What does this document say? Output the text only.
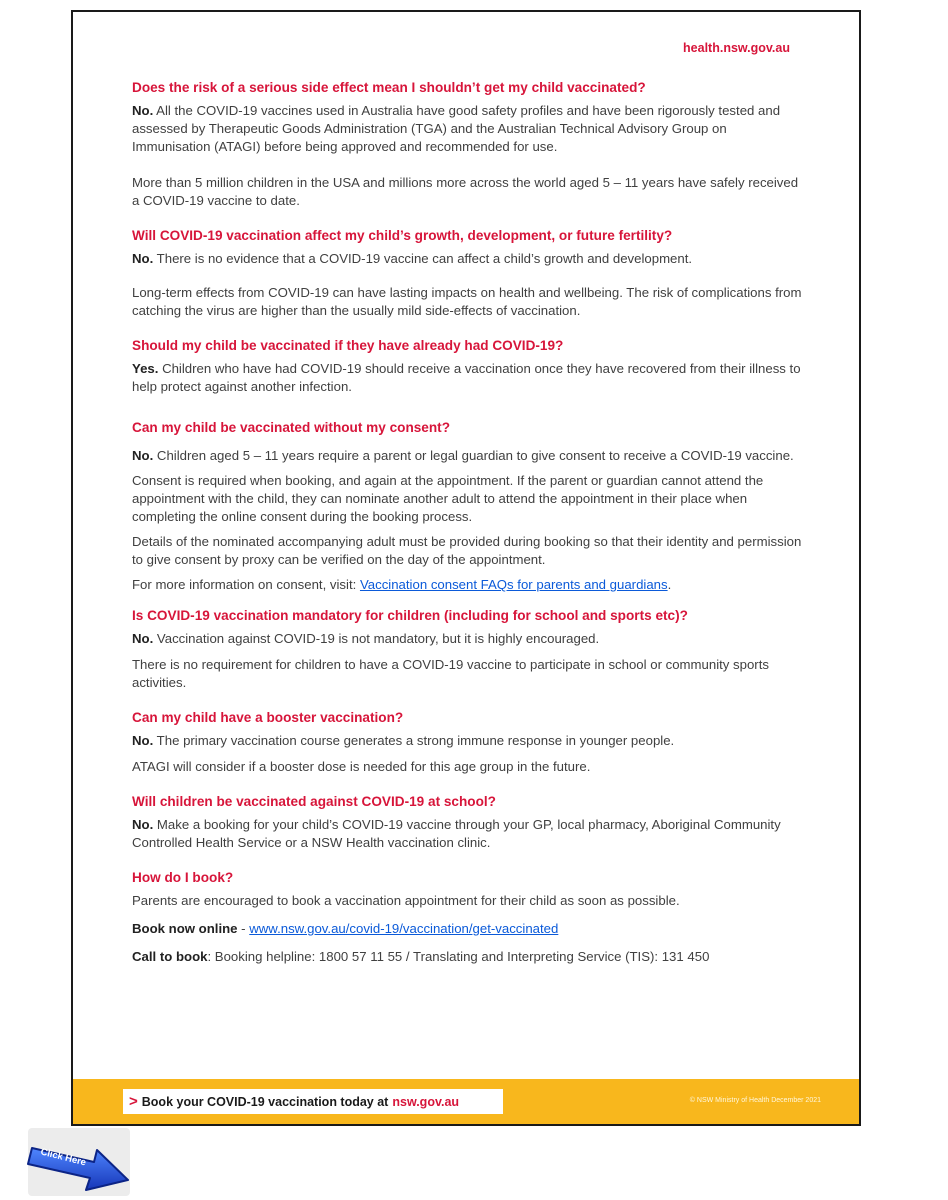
health.nsw.gov.au
Does the risk of a serious side effect mean I shouldn’t get my child vaccinated?

No. All the COVID-19 vaccines used in Australia have good safety profiles and have been rigorously tested and assessed by Therapeutic Goods Administration (TGA) and the Australian Technical Advisory Group on Immunisation (ATAGI) before being approved and recommended for use.

More than 5 million children in the USA and millions more across the world aged 5 – 11 years have safely received a COVID-19 vaccine to date.

Will COVID-19 vaccination affect my child’s growth, development, or future fertility?

No. There is no evidence that a COVID-19 vaccine can affect a child’s growth and development.

Long-term effects from COVID-19 can have lasting impacts on health and wellbeing. The risk of complications from catching the virus are higher than the usually mild side-effects of vaccination.

Should my child be vaccinated if they have already had COVID-19?

Yes. Children who have had COVID-19 should receive a vaccination once they have recovered from their illness to help protect against another infection.

Can my child be vaccinated without my consent?

No. Children aged 5 – 11 years require a parent or legal guardian to give consent to receive a COVID-19 vaccine.

Consent is required when booking, and again at the appointment. If the parent or guardian cannot attend the appointment with the child, they can nominate another adult to attend the appointment in their place when completing the online consent during the booking process.

Details of the nominated accompanying adult must be provided during booking so that their identity and permission to give consent by proxy can be verified on the day of the appointment.

For more information on consent, visit: Vaccination consent FAQs for parents and guardians.

Is COVID-19 vaccination mandatory for children (including for school and sports etc)?

No. Vaccination against COVID-19 is not mandatory, but it is highly encouraged.

There is no requirement for children to have a COVID-19 vaccine to participate in school or community sports activities.

Can my child have a booster vaccination?

No. The primary vaccination course generates a strong immune response in younger people.

ATAGI will consider if a booster dose is needed for this age group in the future.

Will children be vaccinated against COVID-19 at school?

No. Make a booking for your child’s COVID-19 vaccine through your GP, local pharmacy, Aboriginal Community Controlled Health Service or a NSW Health vaccination clinic.

How do I book?

Parents are encouraged to book a vaccination appointment for their child as soon as possible.

Book now online - www.nsw.gov.au/covid-19/vaccination/get-vaccinated

Call to book: Booking helpline: 1800 57 11 55 / Translating and Interpreting Service (TIS): 131 450

> Book your COVID-19 vaccination today at nsw.gov.au	© NSW Ministry of Health December 2021
Click Here
